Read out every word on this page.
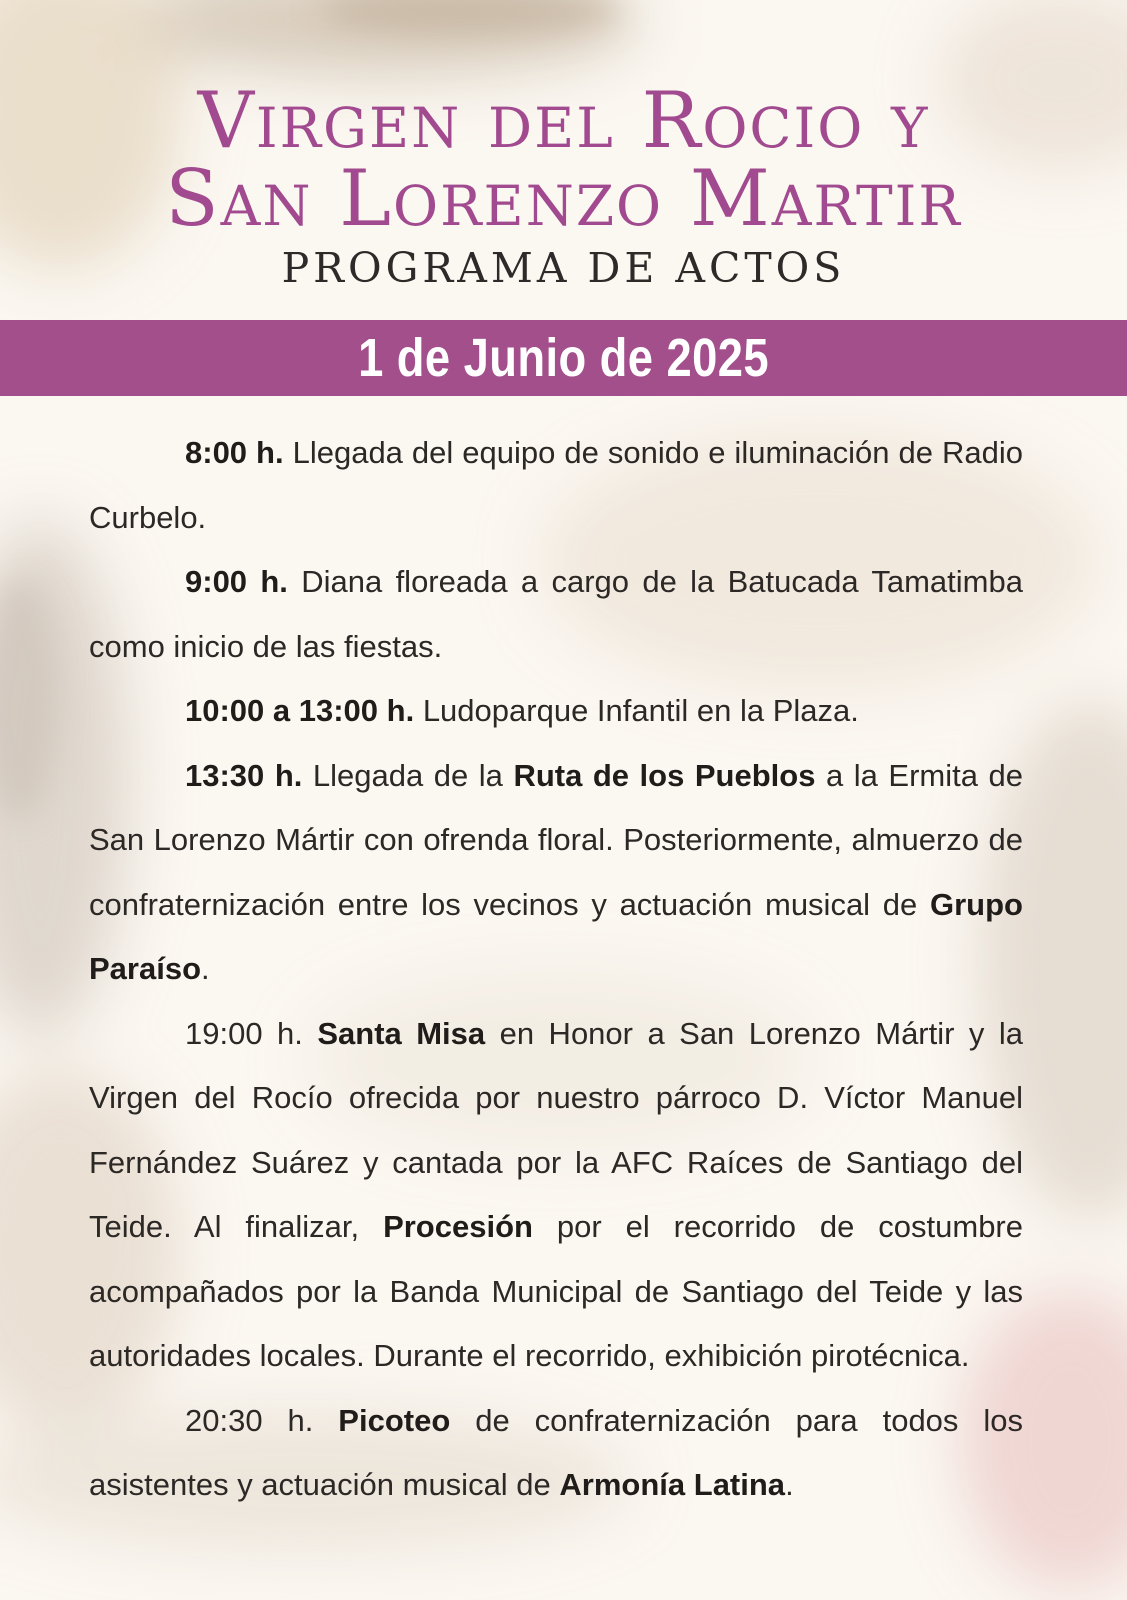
Virgen del Rocio y
San Lorenzo Martir
PROGRAMA DE ACTOS
1 de Junio de 2025

8:00 h. Llegada del equipo de sonido e iluminación de Radio Curbelo.

9:00 h. Diana floreada a cargo de la Batucada Tamatimba como inicio de las fiestas.

10:00 a 13:00 h. Ludoparque Infantil en la Plaza.

13:30 h. Llegada de la Ruta de los Pueblos a la Ermita de San Lorenzo Mártir con ofrenda floral. Posteriormente, almuerzo de confraternización entre los vecinos y actuación musical de Grupo Paraíso.

19:00 h. Santa Misa en Honor a San Lorenzo Mártir y la Virgen del Rocío ofrecida por nuestro párroco D. Víctor Manuel Fernández Suárez y cantada por la AFC Raíces de Santiago del Teide. Al finalizar, Procesión por el recorrido de costumbre acompañados por la Banda Municipal de Santiago del Teide y las autoridades locales. Durante el recorrido, exhibición pirotécnica.

20:30 h. Picoteo de confraternización para todos los asistentes y actuación musical de Armonía Latina.
